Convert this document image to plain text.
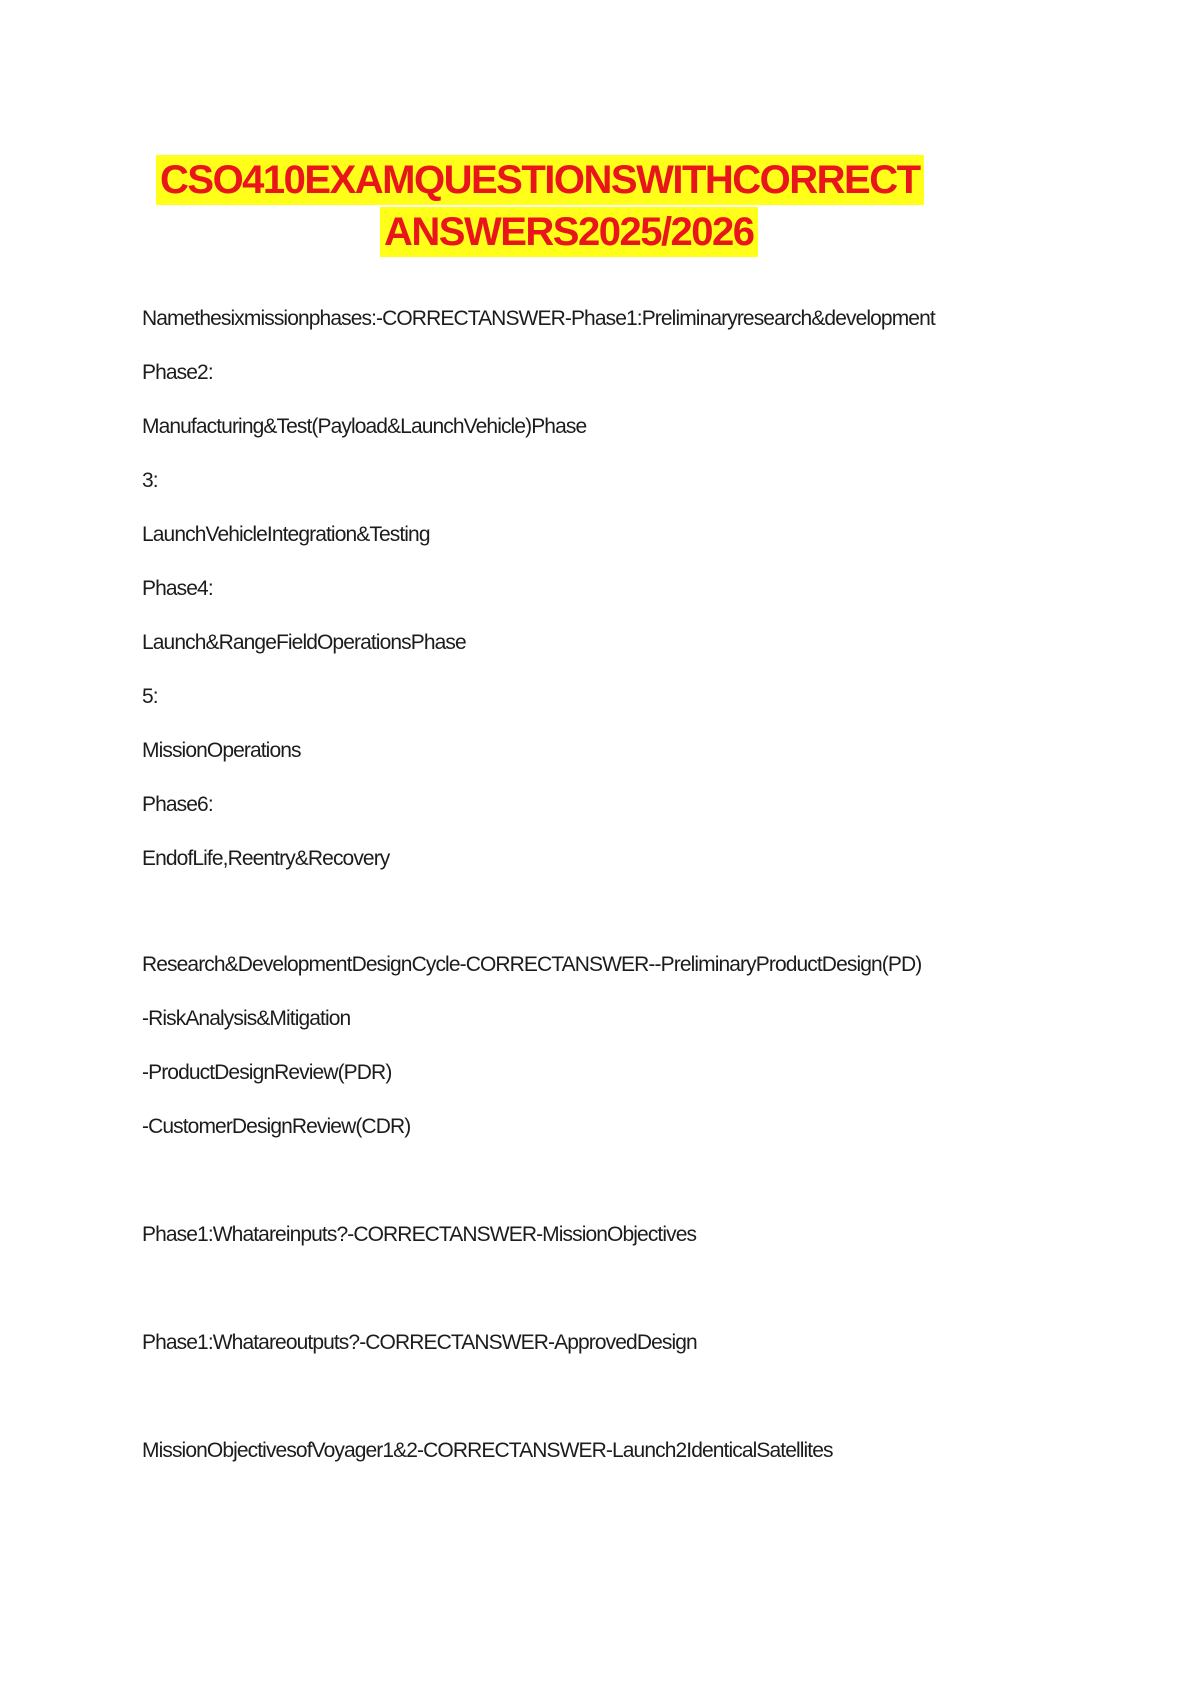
CSO410EXAMQUESTIONSWITHCORRECT
ANSWERS2025/2026
Namethesixmissionphases:-CORRECTANSWER-Phase1:Preliminaryresearch&development
Phase2:
Manufacturing&Test(Payload&LaunchVehicle)Phase
3:
LaunchVehicleIntegration&Testing
Phase4:
Launch&RangeFieldOperationsPhase
5:
MissionOperations
Phase6:
EndofLife,Reentry&Recovery
Research&DevelopmentDesignCycle-CORRECTANSWER--PreliminaryProductDesign(PD)
-RiskAnalysis&Mitigation
-ProductDesignReview(PDR)
-CustomerDesignReview(CDR)
Phase1:Whatareinputs?-CORRECTANSWER-MissionObjectives
Phase1:Whatareoutputs?-CORRECTANSWER-ApprovedDesign
MissionObjectivesofVoyager1&2-CORRECTANSWER-Launch2IdenticalSatellites
